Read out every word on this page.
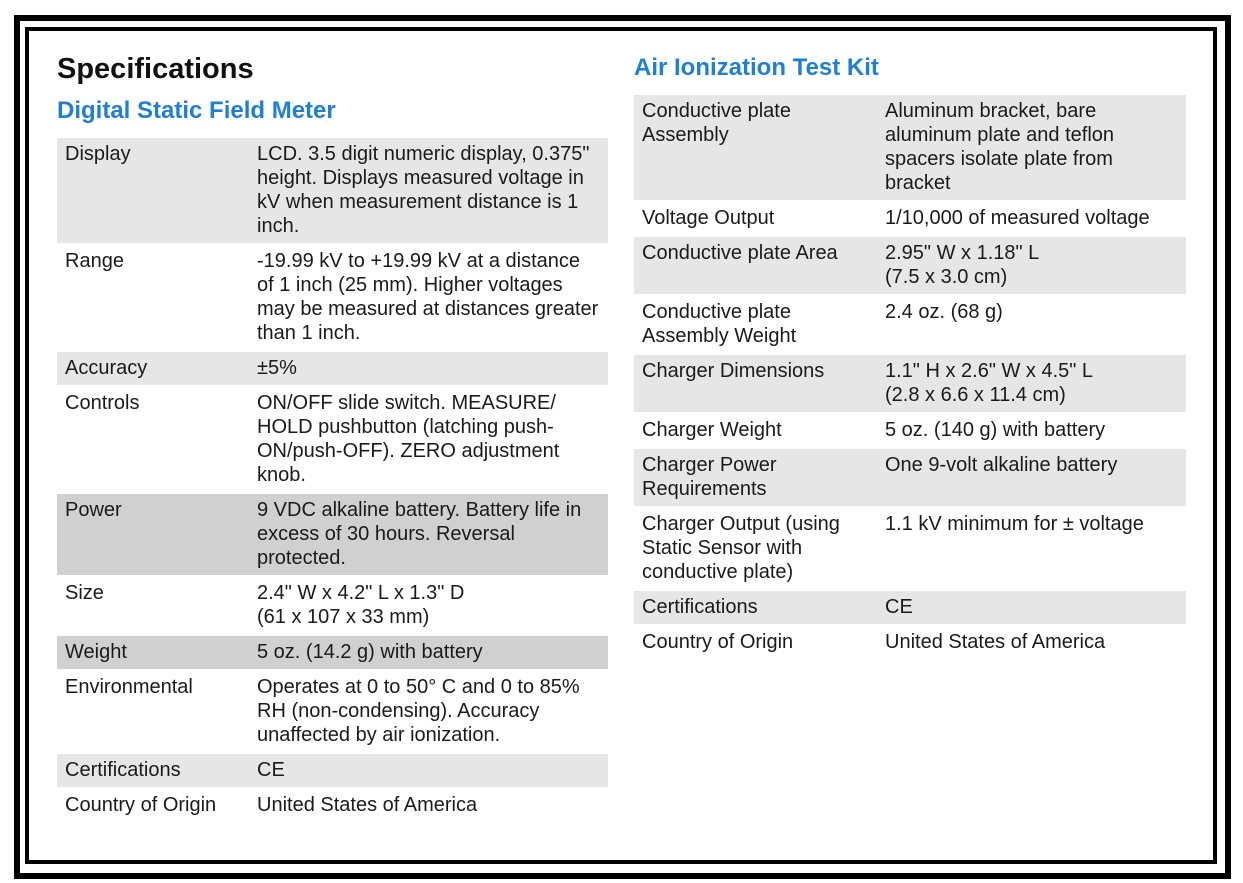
Specifications
Digital Static Field Meter
Display	LCD. 3.5 digit numeric display, 0.375" height. Displays measured voltage in kV when measurement distance is 1 inch.
Range	-19.99 kV to +19.99 kV at a distance of 1 inch (25 mm). Higher voltages may be measured at distances greater than 1 inch.
Accuracy	±5%
Controls	ON/OFF slide switch. MEASURE/ HOLD pushbutton (latching push-ON/push-OFF). ZERO adjustment knob.
Power	9 VDC alkaline battery. Battery life in excess of 30 hours. Reversal protected.
Size	2.4" W x 4.2" L x 1.3" D
(61 x 107 x 33 mm)
Weight	5 oz. (14.2 g) with battery
Environmental	Operates at 0 to 50° C and 0 to 85% RH (non-condensing). Accuracy unaffected by air ionization.
Certifications	CE
Country of Origin	United States of America
Air Ionization Test Kit
Conductive plate Assembly	Aluminum bracket, bare aluminum plate and teflon spacers isolate plate from bracket
Voltage Output	1/10,000 of measured voltage
Conductive plate Area	2.95" W x 1.18" L
(7.5 x 3.0 cm)
Conductive plate Assembly Weight	2.4 oz. (68 g)
Charger Dimensions	1.1" H x 2.6" W x 4.5" L
(2.8 x 6.6 x 11.4 cm)
Charger Weight	5 oz. (140 g) with battery
Charger Power Requirements	One 9-volt alkaline battery
Charger Output (using Static Sensor with conductive plate)	1.1 kV minimum for ± voltage
Certifications	CE
Country of Origin	United States of America
